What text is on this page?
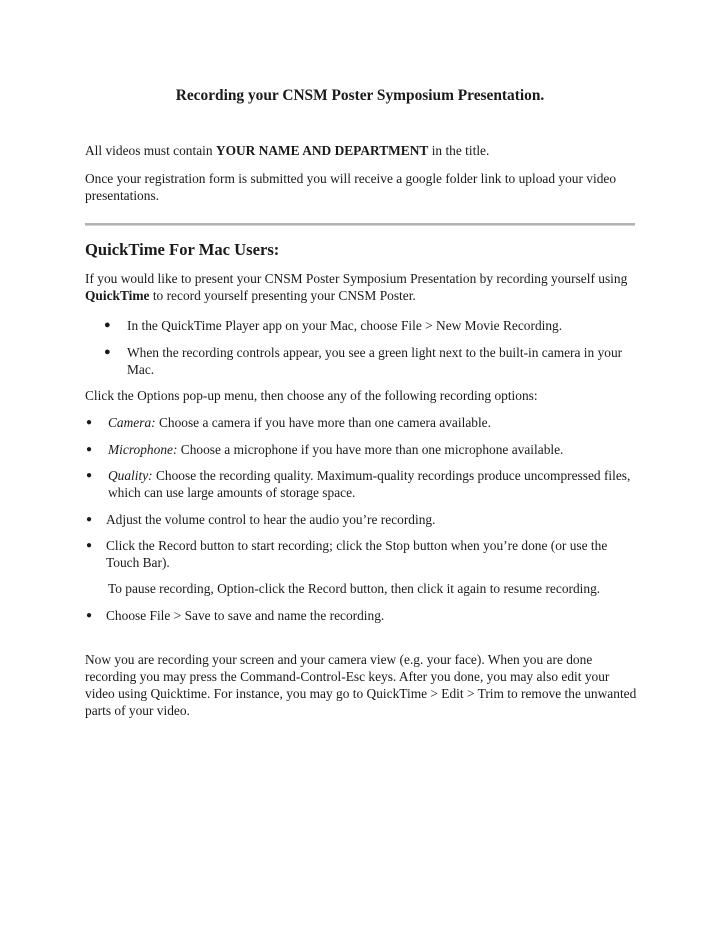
Recording your CNSM Poster Symposium Presentation.

All videos must contain YOUR NAME AND DEPARTMENT in the title.

Once your registration form is submitted you will receive a google folder link to upload your video presentations.

QuickTime For Mac Users:

If you would like to present your CNSM Poster Symposium Presentation by recording yourself using QuickTime to record yourself presenting your CNSM Poster.

● In the QuickTime Player app on your Mac, choose File > New Movie Recording.
● When the recording controls appear, you see a green light next to the built-in camera in your Mac.

Click the Options pop-up menu, then choose any of the following recording options:

● Camera: Choose a camera if you have more than one camera available.
● Microphone: Choose a microphone if you have more than one microphone available.
● Quality: Choose the recording quality. Maximum-quality recordings produce uncompressed files, which can use large amounts of storage space.
● Adjust the volume control to hear the audio you’re recording.
● Click the Record button to start recording; click the Stop button when you’re done (or use the Touch Bar).
To pause recording, Option-click the Record button, then click it again to resume recording.
● Choose File > Save to save and name the recording.

Now you are recording your screen and your camera view (e.g. your face). When you are done recording you may press the Command-Control-Esc keys. After you done, you may also edit your video using Quicktime. For instance, you may go to QuickTime > Edit > Trim to remove the unwanted parts of your video.
